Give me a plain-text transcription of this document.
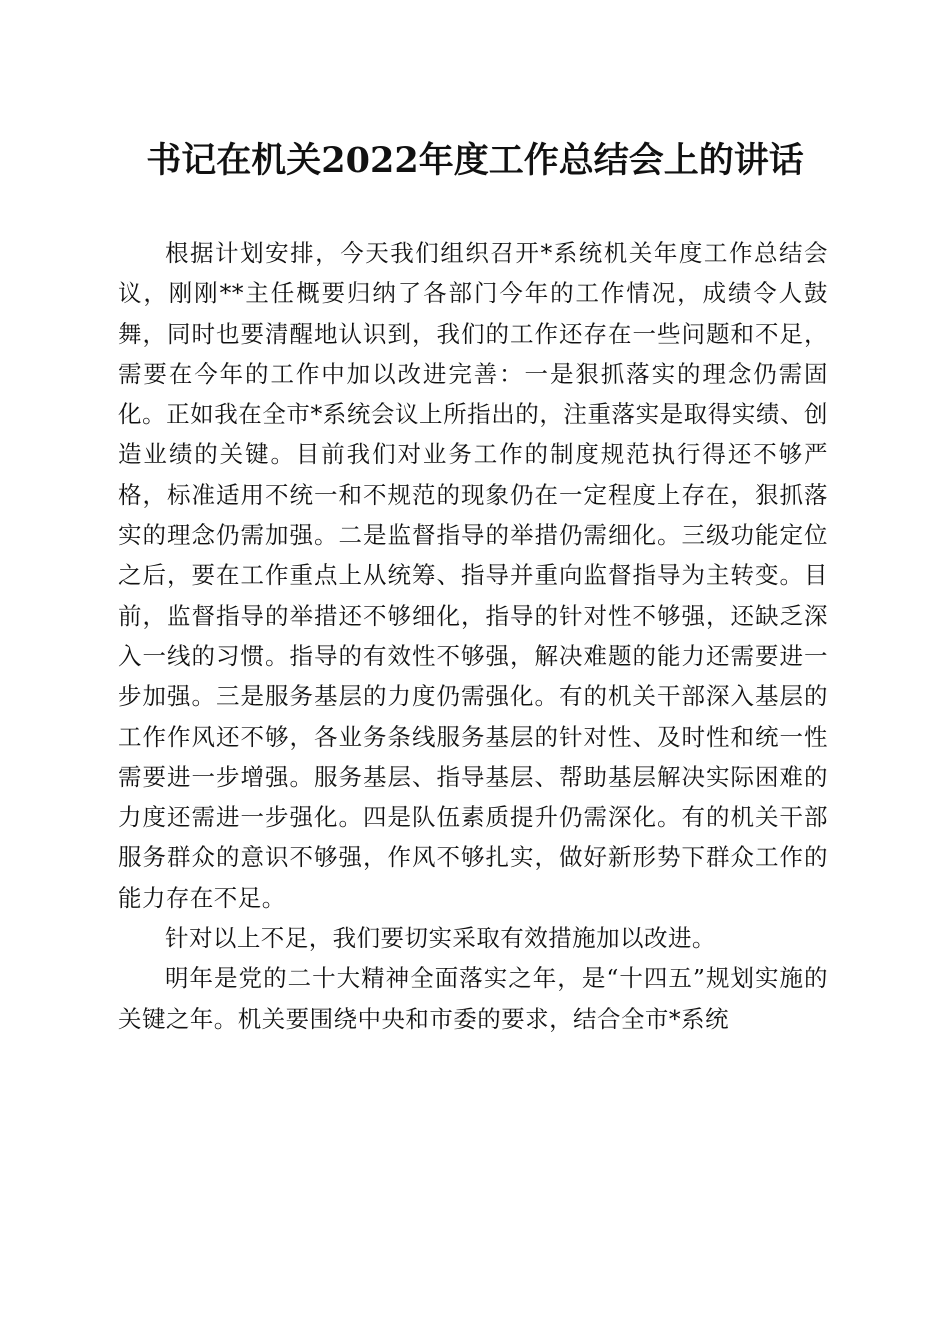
书记在机关2022年度工作总结会上的讲话

根据计划安排，今天我们组织召开*系统机关年度工作总结会议，刚刚**主任概要归纳了各部门今年的工作情况，成绩令人鼓舞，同时也要清醒地认识到，我们的工作还存在一些问题和不足，需要在今年的工作中加以改进完善：一是狠抓落实的理念仍需固化。正如我在全市*系统会议上所指出的，注重落实是取得实绩、创造业绩的关键。目前我们对业务工作的制度规范执行得还不够严格，标准适用不统一和不规范的现象仍在一定程度上存在，狠抓落实的理念仍需加强。二是监督指导的举措仍需细化。三级功能定位之后，要在工作重点上从统筹、指导并重向监督指导为主转变。目前，监督指导的举措还不够细化，指导的针对性不够强，还缺乏深入一线的习惯。指导的有效性不够强，解决难题的能力还需要进一步加强。三是服务基层的力度仍需强化。有的机关干部深入基层的工作作风还不够，各业务条线服务基层的针对性、及时性和统一性需要进一步增强。服务基层、指导基层、帮助基层解决实际困难的力度还需进一步强化。四是队伍素质提升仍需深化。有的机关干部服务群众的意识不够强，作风不够扎实，做好新形势下群众工作的能力存在不足。

针对以上不足，我们要切实采取有效措施加以改进。

明年是党的二十大精神全面落实之年，是“十四五”规划实施的关键之年。机关要围绕中央和市委的要求，结合全市*系统
